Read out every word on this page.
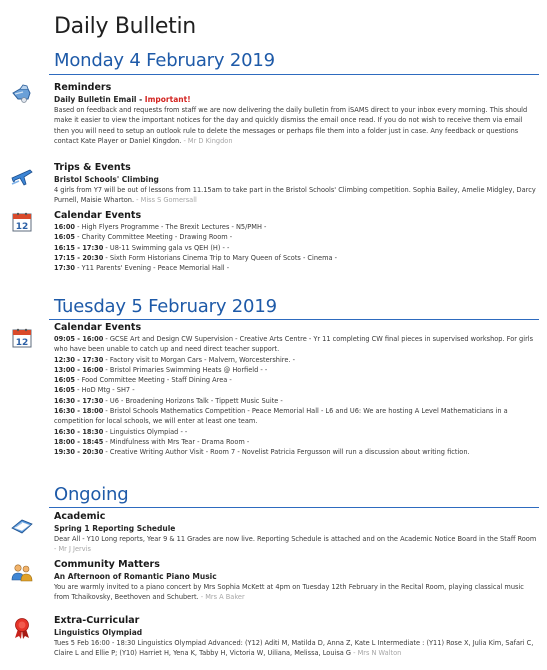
Daily Bulletin
Monday 4 February 2019
Reminders
Daily Bulletin Email - Important!
Based on feedback and requests from staff we are now delivering the daily bulletin from iSAMS direct to your inbox every morning. This should make it easier to view the important notices for the day and quickly dismiss the email once read. If you do not wish to receive them via email then you will need to setup an outlook rule to delete the messages or perhaps file them into a folder just in case. Any feedback or questions contact Kate Player or Daniel Kingdon. - Mr D Kingdon
Trips & Events
Bristol Schools' Climbing
4 girls from Y7 will be out of lessons from 11.15am to take part in the Bristol Schools' Climbing competition. Sophia Bailey, Amelie Midgley, Darcy Purnell, Maisie Wharton. - Miss S Gomersall
12
Calendar Events
16:00 - High Flyers Programme - The Brexit Lectures - N5/PMH -
16:05 - Charity Committee Meeting - Drawing Room -
16:15 - 17:30 - U8-11 Swimming gala vs QEH (H) - -
17:15 - 20:30 - Sixth Form Historians Cinema Trip to Mary Queen of Scots - Cinema -
17:30 - Y11 Parents' Evening - Peace Memorial Hall -
Tuesday 5 February 2019
12
Calendar Events
09:05 - 16:00 - GCSE Art and Design CW Supervision - Creative Arts Centre - Yr 11 completing CW final pieces in supervised workshop. For girls who have been unable to catch up and need direct teacher support.
12:30 - 17:30 - Factory visit to Morgan Cars - Malvern, Worcestershire. -
13:00 - 16:00 - Bristol Primaries Swimming Heats @ Horfield - -
16:05 - Food Committee Meeting - Staff Dining Area -
16:05 - HoD Mtg - SH7 -
16:30 - 17:30 - U6 - Broadening Horizons Talk - Tippett Music Suite -
16:30 - 18:00 - Bristol Schools Mathematics Competition - Peace Memorial Hall - L6 and U6: We are hosting A Level Mathematicians in a competition for local schools, we will enter at least one team.
16:30 - 18:30 - Linguistics Olympiad - -
18:00 - 18:45 - Mindfulness with Mrs Tear - Drama Room -
19:30 - 20:30 - Creative Writing Author Visit - Room 7 - Novelist Patricia Fergusson will run a discussion about writing fiction.
Ongoing
Academic
Spring 1 Reporting Schedule
Dear All - Y10 Long reports, Year 9 & 11 Grades are now live. Reporting Schedule is attached and on the Academic Notice Board in the Staff Room - Mr J Jervis
Community Matters
An Afternoon of Romantic Piano Music
You are warmly invited to a piano concert by Mrs Sophia McKett at 4pm on Tuesday 12th February in the Recital Room, playing classical music from Tchaikovsky, Beethoven and Schubert. - Mrs A Baker
Extra-Curricular
Linguistics Olympiad
Tues 5 Feb 16:00 - 18:30 Linguistics Olympiad Advanced: (Y12) Aditi M, Matilda D, Anna Z, Kate L Intermediate : (Y11) Rose X, Julia Kim, Safari C, Claire L and Ellie P; (Y10) Harriet H, Yena K, Tabby H, Victoria W, Uiliana, Melissa, Louisa G - Mrs N Walton
